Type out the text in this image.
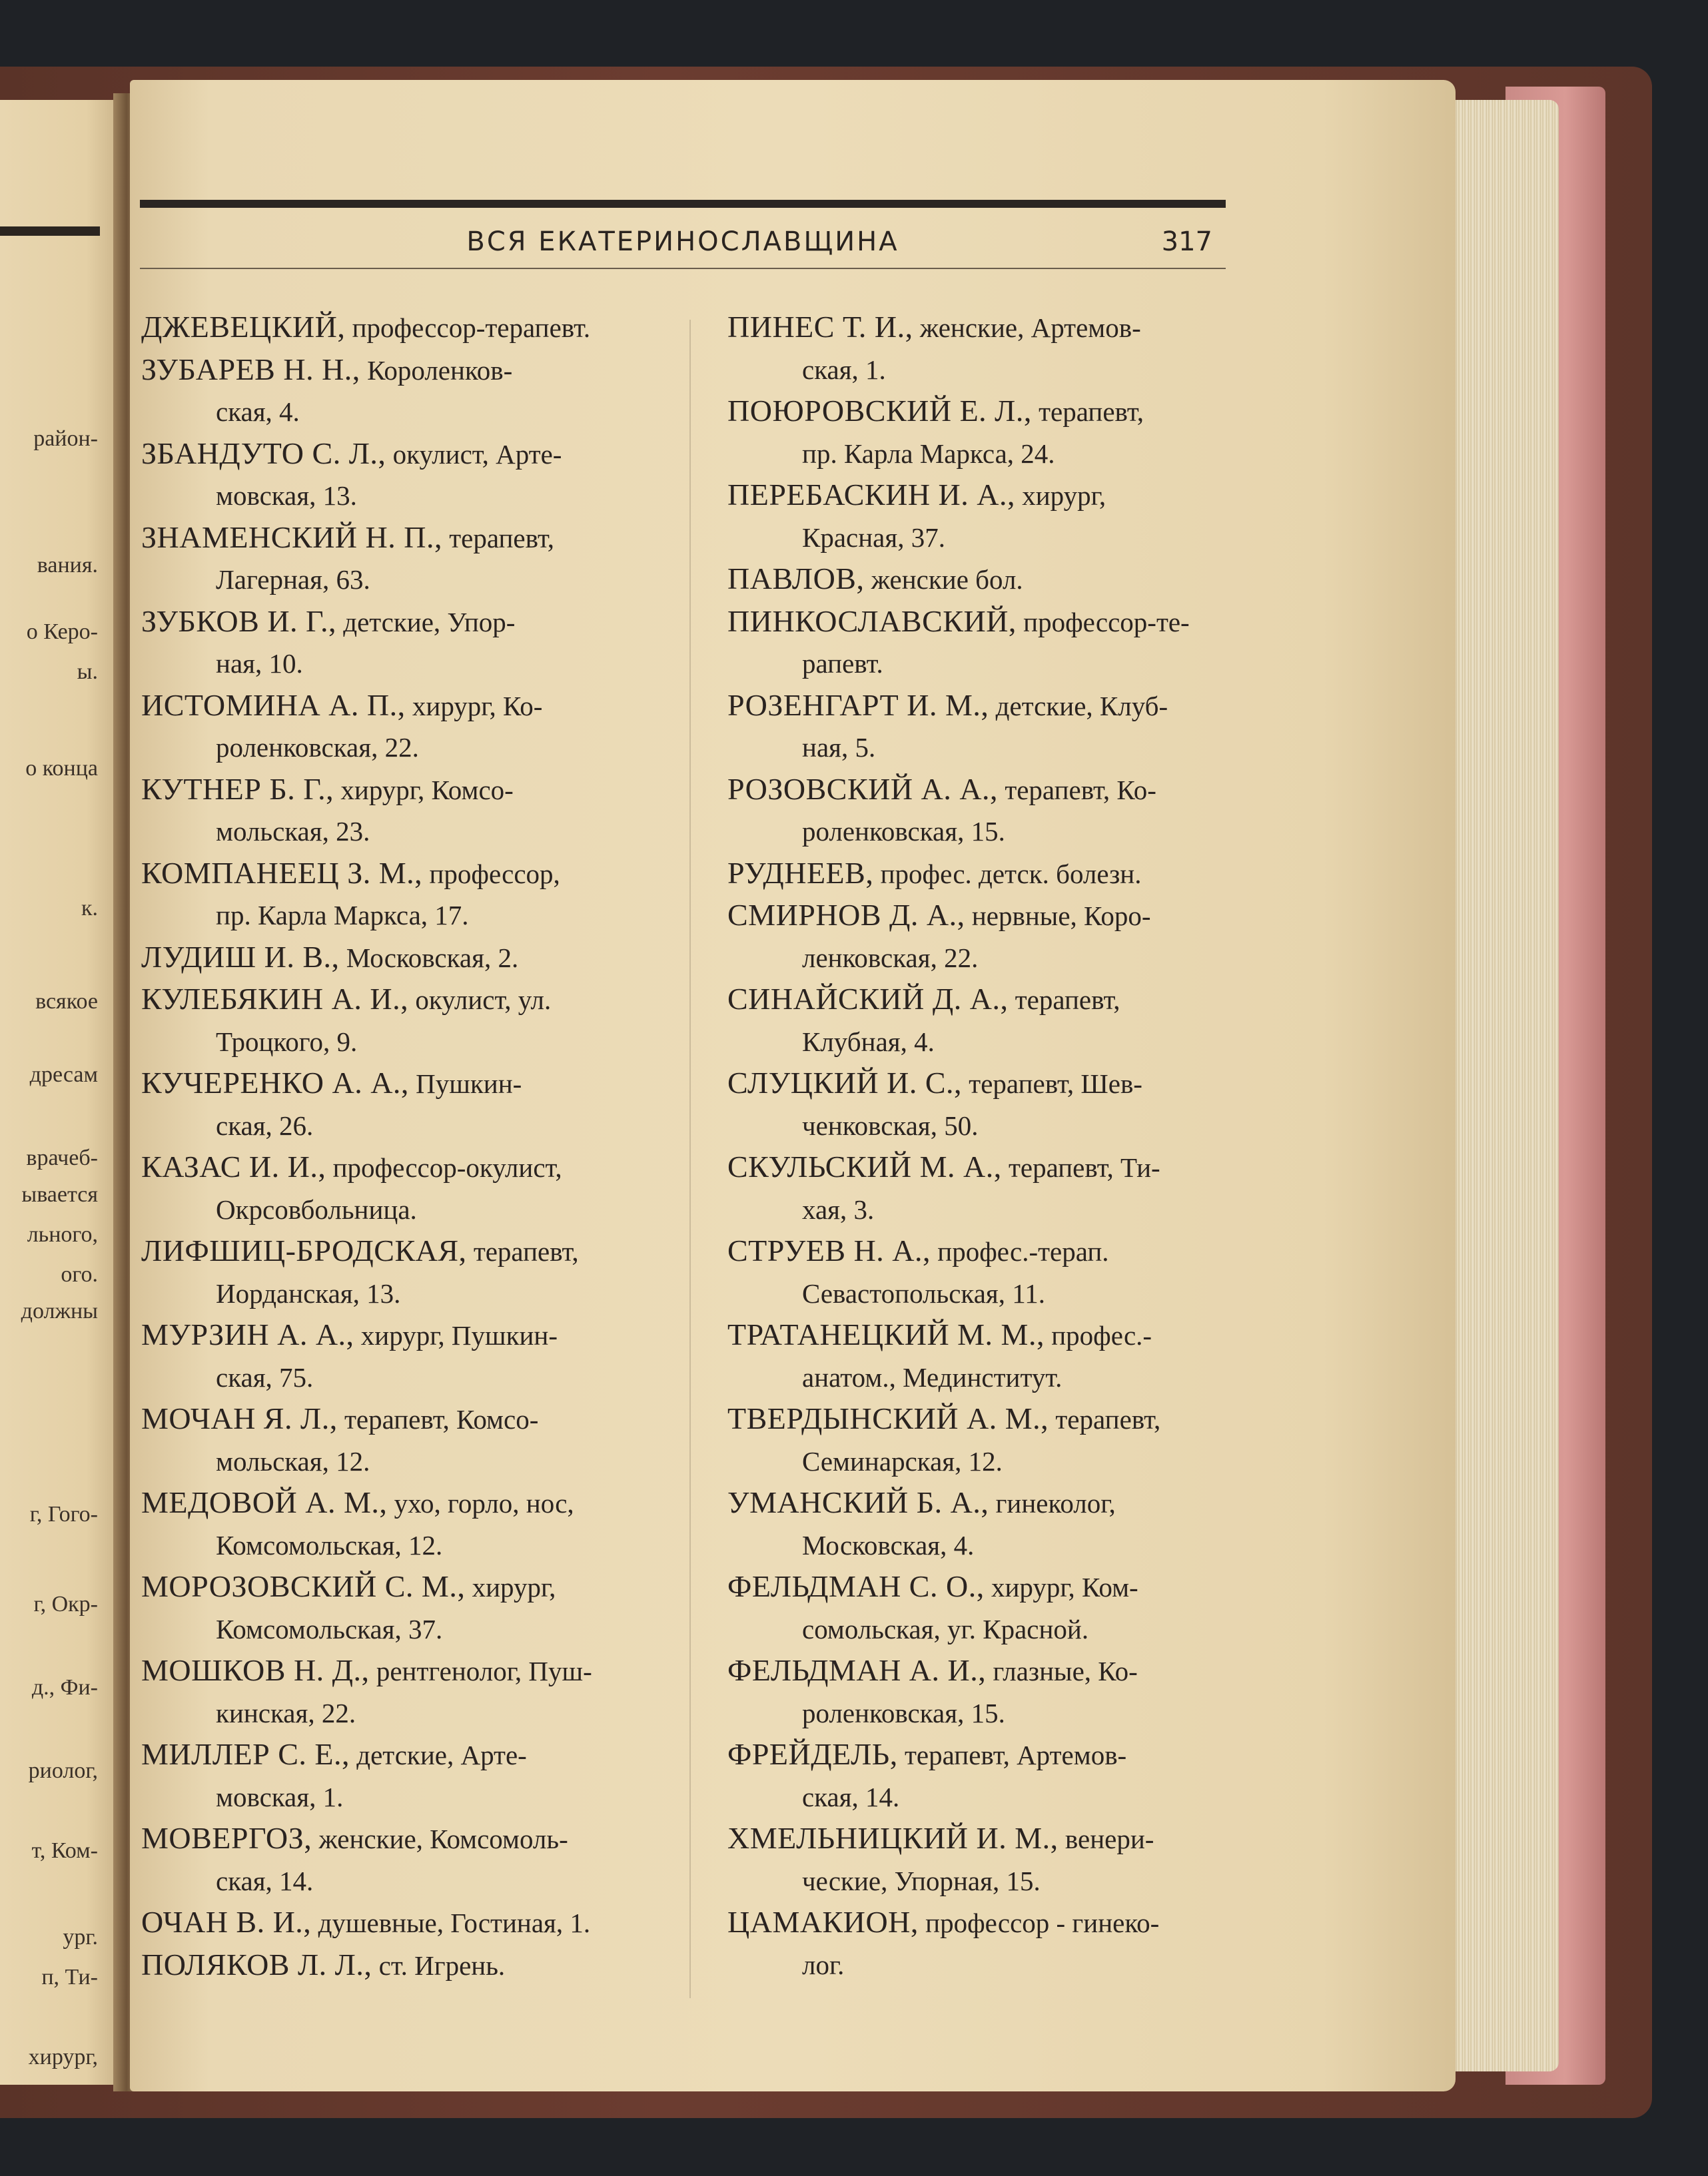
район-
вания.
о Керо-
ы.
о конца
к.
всякое
дресам
врачеб-
ывается
льного,
ого.
должны
г, Гого-
г, Окр-
д., Фи-
риолог,
т, Ком-
ург.
п, Ти-
хирург,
ВСЯ ЕКАТЕРИНОСЛАВЩИНА	317
ДЖЕВЕЦКИЙ, профессор-терапевт.
ЗУБАРЕВ Н. Н., Короленков-
ская, 4.
ЗБАНДУТО С. Л., окулист, Арте-
мовская, 13.
ЗНАМЕНСКИЙ Н. П., терапевт,
Лагерная, 63.
ЗУБКОВ И. Г., детские, Упор-
ная, 10.
ИСТОМИНА А. П., хирург, Ко-
роленковская, 22.
КУТНЕР Б. Г., хирург, Комсо-
мольская, 23.
КОМПАНЕЕЦ З. М., профессор,
пр. Карла Маркса, 17.
ЛУДИШ И. В., Московская, 2.
КУЛЕБЯКИН А. И., окулист, ул.
Троцкого, 9.
КУЧЕРЕНКО А. А., Пушкин-
ская, 26.
КАЗАС И. И., профессор-окулист,
Окрсовбольница.
ЛИФШИЦ-БРОДСКАЯ, терапевт,
Иорданская, 13.
МУРЗИН А. А., хирург, Пушкин-
ская, 75.
МОЧАН Я. Л., терапевт, Комсо-
мольская, 12.
МЕДОВОЙ А. М., ухо, горло, нос,
Комсомольская, 12.
МОРОЗОВСКИЙ С. М., хирург,
Комсомольская, 37.
МОШКОВ Н. Д., рентгенолог, Пуш-
кинская, 22.
МИЛЛЕР С. Е., детские, Арте-
мовская, 1.
МОВЕРГОЗ, женские, Комсомоль-
ская, 14.
ОЧАН В. И., душевные, Гостиная, 1.
ПОЛЯКОВ Л. Л., ст. Игрень.
ПИНЕС Т. И., женские, Артемов-
ская, 1.
ПОЮРОВСКИЙ Е. Л., терапевт,
пр. Карла Маркса, 24.
ПЕРЕБАСКИН И. А., хирург,
Красная, 37.
ПАВЛОВ, женские бол.
ПИНКОСЛАВСКИЙ, профессор-те-
рапевт.
РОЗЕНГАРТ И. М., детские, Клуб-
ная, 5.
РОЗОВСКИЙ А. А., терапевт, Ко-
роленковская, 15.
РУДНЕЕВ, профес. детск. болезн.
СМИРНОВ Д. А., нервные, Коро-
ленковская, 22.
СИНАЙСКИЙ Д. А., терапевт,
Клубная, 4.
СЛУЦКИЙ И. С., терапевт, Шев-
ченковская, 50.
СКУЛЬСКИЙ М. А., терапевт, Ти-
хая, 3.
СТРУЕВ Н. А., профес.-терап.
Севастопольская, 11.
ТРАТАНЕЦКИЙ М. М., профес.-
анатом., Мединститут.
ТВЕРДЫНСКИЙ А. М., терапевт,
Семинарская, 12.
УМАНСКИЙ Б. А., гинеколог,
Московская, 4.
ФЕЛЬДМАН С. О., хирург, Ком-
сомольская, уг. Красной.
ФЕЛЬДМАН А. И., глазные, Ко-
роленковская, 15.
ФРЕЙДЕЛЬ, терапевт, Артемов-
ская, 14.
ХМЕЛЬНИЦКИЙ И. М., венери-
ческие, Упорная, 15.
ЦАМАКИОН, профессор - гинеко-
лог.
